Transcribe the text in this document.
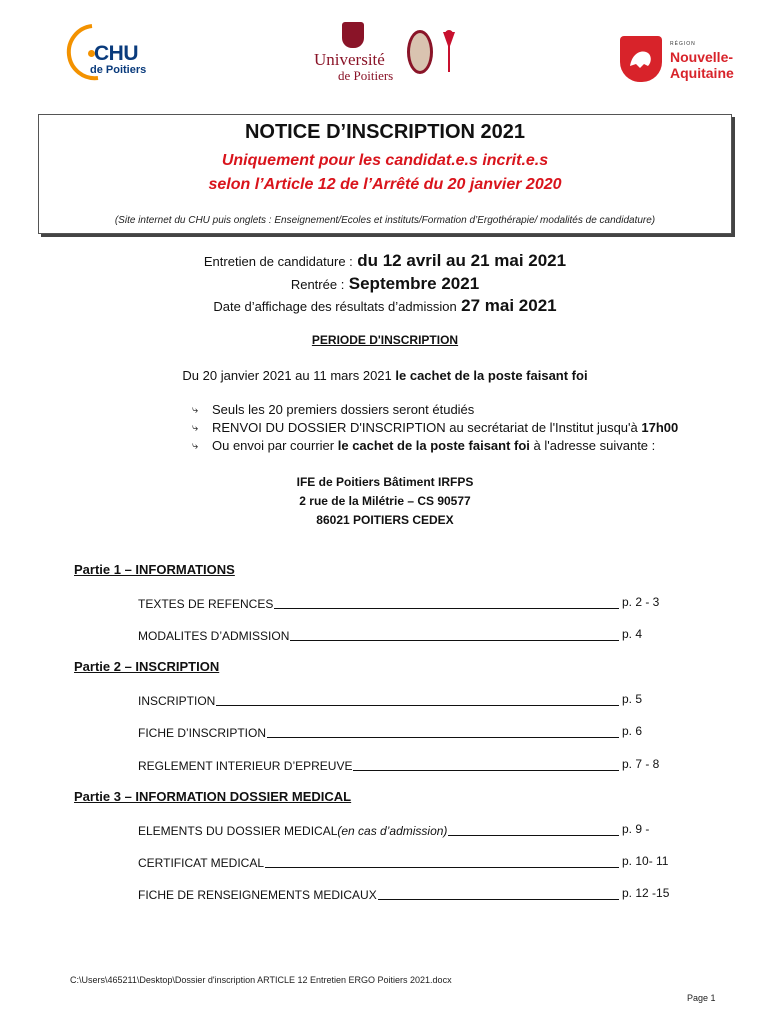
CHU
de Poitiers
Université
de Poitiers
RÉGION
Nouvelle-
Aquitaine
NOTICE D’INSCRIPTION 2021
Uniquement pour les candidat.e.s incrit.e.s
selon l’Article 12 de l’Arrêté du 20 janvier 2020
(Site internet du CHU puis onglets : Enseignement/Ecoles et instituts/Formation d’Ergothérapie/ modalités de candidature)
Entretien de candidature : du 12 avril au 21 mai 2021
Rentrée : Septembre 2021
Date d’affichage des résultats d’admission 27 mai 2021
PERIODE D'INSCRIPTION
Du 20 janvier 2021 au 11 mars 2021 le cachet de la poste faisant foi
⤷ Seuls les 20 premiers dossiers seront étudiés
⤷ RENVOI DU DOSSIER D'INSCRIPTION au secrétariat de l'Institut jusqu'à 17h00
⤷ Ou envoi par courrier le cachet de la poste faisant foi à l'adresse suivante :
IFE de Poitiers Bâtiment IRFPS
2 rue de la Milétrie – CS 90577
86021 POITIERS CEDEX
Partie 1 – INFORMATIONS
TEXTES DE REFENCES	p. 2 - 3
MODALITES D’ADMISSION	p. 4
Partie 2 – INSCRIPTION
INSCRIPTION	p. 5
FICHE D’INSCRIPTION	p. 6
REGLEMENT INTERIEUR D’EPREUVE	p. 7 - 8
Partie 3 – INFORMATION DOSSIER MEDICAL
ELEMENTS DU DOSSIER MEDICAL (en cas d’admission)	p. 9 -
CERTIFICAT MEDICAL	p. 10- 11
FICHE DE RENSEIGNEMENTS MEDICAUX	p. 12 -15
C:\Users\465211\Desktop\Dossier d'inscription ARTICLE 12 Entretien ERGO Poitiers 2021.docx
Page 1
